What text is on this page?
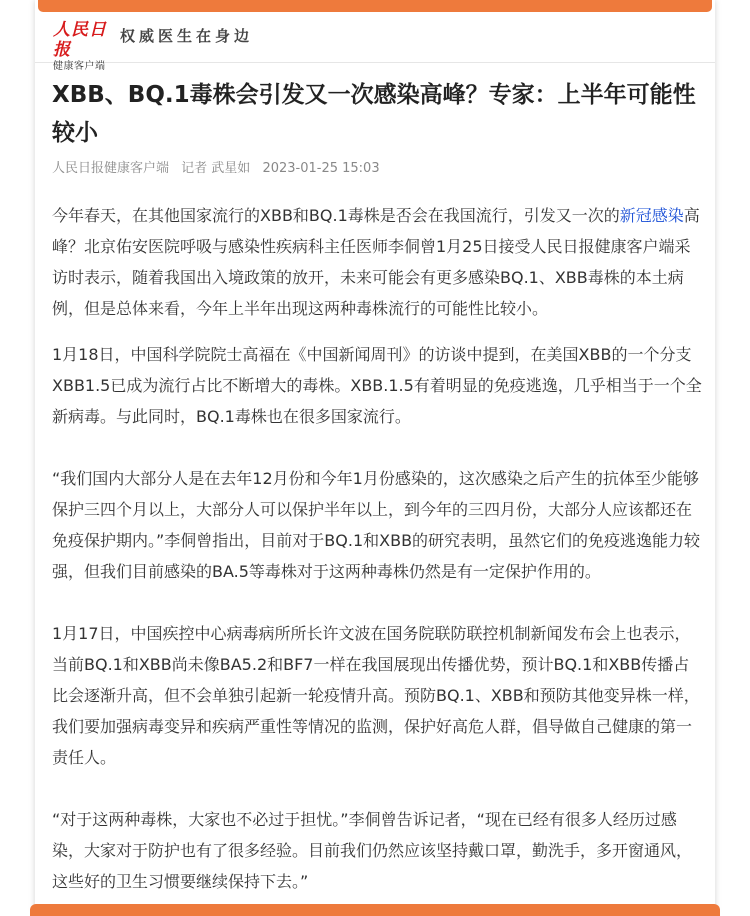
人民日报
健康客户端
权威医生在身边
XBB、BQ.1毒株会引发又一次感染高峰？专家：上半年可能性较小
人民日报健康客户端 记者 武星如 2023-01-25 15:03

今年春天，在其他国家流行的XBB和BQ.1毒株是否会在我国流行，引发又一次的新冠感染高峰？北京佑安医院呼吸与感染性疾病科主任医师李侗曾1月25日接受人民日报健康客户端采访时表示，随着我国出入境政策的放开，未来可能会有更多感染BQ.1、XBB毒株的本土病例，但是总体来看，今年上半年出现这两种毒株流行的可能性比较小。

1月18日，中国科学院院士高福在《中国新闻周刊》的访谈中提到，在美国XBB的一个分支XBB1.5已成为流行占比不断增大的毒株。XBB.1.5有着明显的免疫逃逸，几乎相当于一个全新病毒。与此同时，BQ.1毒株也在很多国家流行。

“我们国内大部分人是在去年12月份和今年1月份感染的，这次感染之后产生的抗体至少能够保护三四个月以上，大部分人可以保护半年以上，到今年的三四月份，大部分人应该都还在免疫保护期内。”李侗曾指出，目前对于BQ.1和XBB的研究表明，虽然它们的免疫逃逸能力较强，但我们目前感染的BA.5等毒株对于这两种毒株仍然是有一定保护作用的。

1月17日，中国疾控中心病毒病所所长许文波在国务院联防联控机制新闻发布会上也表示，当前BQ.1和XBB尚未像BA5.2和BF7一样在我国展现出传播优势，预计BQ.1和XBB传播占比会逐渐升高，但不会单独引起新一轮疫情升高。预防BQ.1、XBB和预防其他变异株一样，我们要加强病毒变异和疾病严重性等情况的监测，保护好高危人群，倡导做自己健康的第一责任人。

“对于这两种毒株，大家也不必过于担忧。”李侗曾告诉记者，“现在已经有很多人经历过感染，大家对于防护也有了很多经验。目前我们仍然应该坚持戴口罩，勤洗手，多开窗通风，这些好的卫生习惯要继续保持下去。”
